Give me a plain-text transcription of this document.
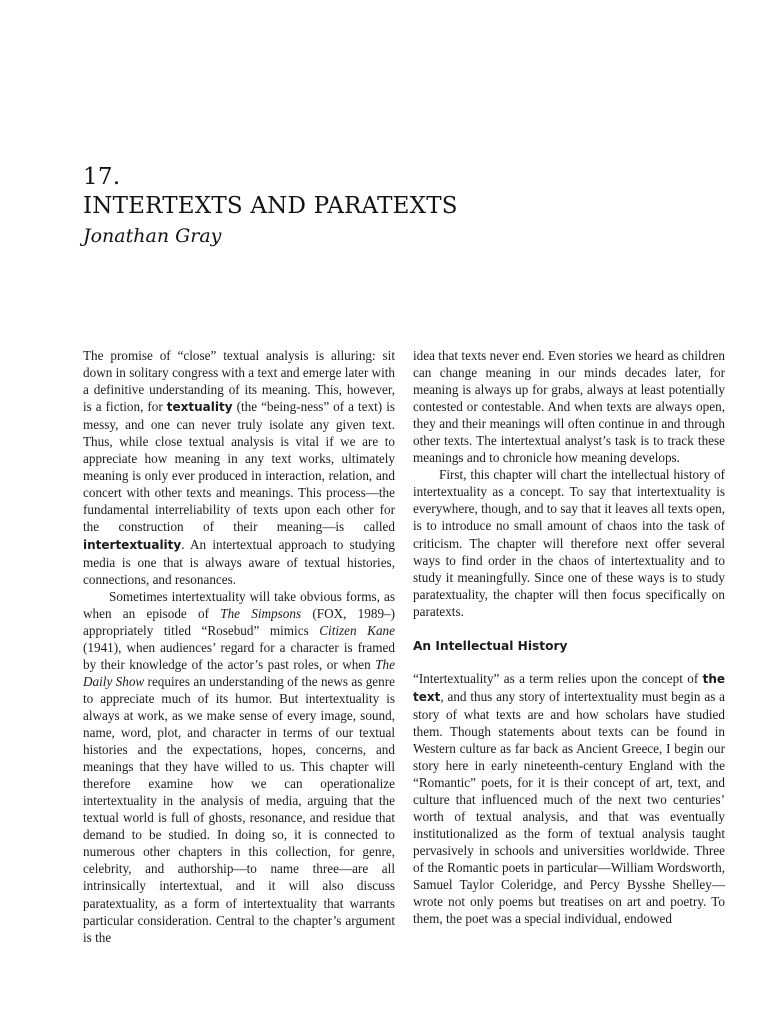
17.
INTERTEXTS AND PARATEXTS
Jonathan Gray

The promise of “close” textual analysis is alluring: sit down in solitary congress with a text and emerge later with a definitive understanding of its meaning. This, however, is a fiction, for textuality (the “being-ness” of a text) is messy, and one can never truly isolate any given text. Thus, while close textual analysis is vital if we are to appreciate how meaning in any text works, ultimately meaning is only ever produced in interaction, relation, and concert with other texts and meanings. This process—the fundamental interreliability of texts upon each other for the construction of their meaning—is called intertextuality. An intertextual approach to studying media is one that is always aware of textual histories, connections, and resonances.

Sometimes intertextuality will take obvious forms, as when an episode of The Simpsons (FOX, 1989–) appropriately titled “Rosebud” mimics Citizen Kane (1941), when audiences’ regard for a character is framed by their knowledge of the actor’s past roles, or when The Daily Show requires an understanding of the news as genre to appreciate much of its humor. But intertextuality is always at work, as we make sense of every image, sound, name, word, plot, and character in terms of our textual histories and the expectations, hopes, concerns, and meanings that they have willed to us. This chapter will therefore examine how we can operationalize intertextuality in the analysis of media, arguing that the textual world is full of ghosts, resonance, and residue that demand to be studied. In doing so, it is connected to numerous other chapters in this collection, for genre, celebrity, and authorship—to name three—are all intrinsically intertextual, and it will also discuss paratextuality, as a form of intertextuality that warrants particular consideration. Central to the chapter’s argument is the

idea that texts never end. Even stories we heard as children can change meaning in our minds decades later, for meaning is always up for grabs, always at least potentially contested or contestable. And when texts are always open, they and their meanings will often continue in and through other texts. The intertextual analyst’s task is to track these meanings and to chronicle how meaning develops.

First, this chapter will chart the intellectual history of intertextuality as a concept. To say that intertextuality is everywhere, though, and to say that it leaves all texts open, is to introduce no small amount of chaos into the task of criticism. The chapter will therefore next offer several ways to find order in the chaos of intertextuality and to study it meaningfully. Since one of these ways is to study paratextuality, the chapter will then focus specifically on paratexts.

An Intellectual History

“Intertextuality” as a term relies upon the concept of the text, and thus any story of intertextuality must begin as a story of what texts are and how scholars have studied them. Though statements about texts can be found in Western culture as far back as Ancient Greece, I begin our story here in early nineteenth-century England with the “Romantic” poets, for it is their concept of art, text, and culture that influenced much of the next two centuries’ worth of textual analysis, and that was eventually institutionalized as the form of textual analysis taught pervasively in schools and universities worldwide. Three of the Romantic poets in particular—William Wordsworth, Samuel Taylor Coleridge, and Percy Bysshe Shelley—wrote not only poems but treatises on art and poetry. To them, the poet was a special individual, endowed
